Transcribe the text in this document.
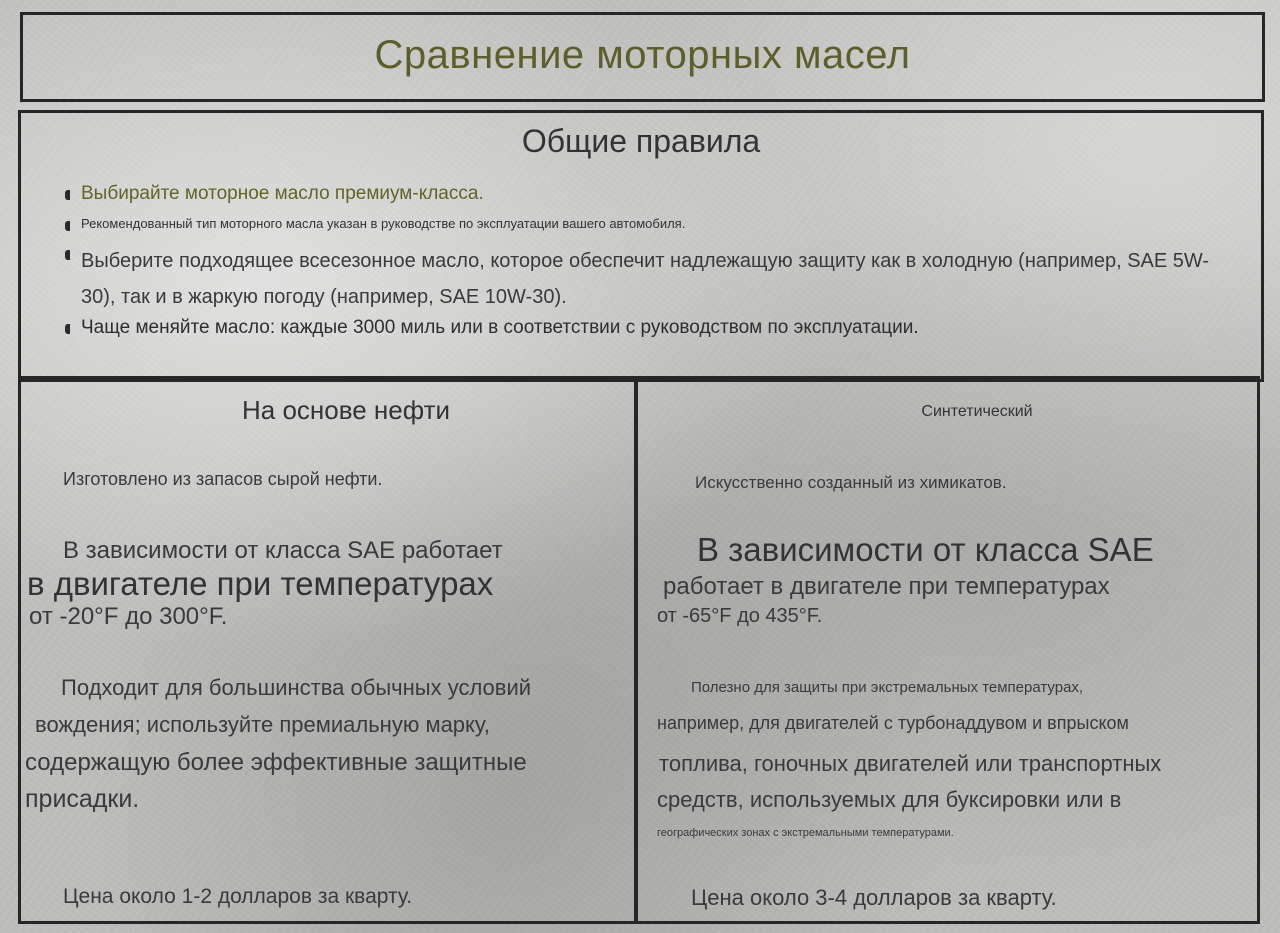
Сравнение моторных масел
Общие правила
Выбирайте моторное масло премиум-класса.
Рекомендованный тип моторного масла указан в руководстве по эксплуатации вашего автомобиля.
Выберите подходящее всесезонное масло, которое обеспечит надлежащую защиту как в холодную (например, SAE 5W-30), так и в жаркую погоду (например, SAE 10W-30).
Чаще меняйте масло: каждые 3000 миль или в соответствии с руководством по эксплуатации.
На основе нефти

Изготовлено из запасов сырой нефти.

В зависимости от класса SAE работает

в двигателе при температурах

от -20°F до 300°F.

Подходит для большинства обычных условий

вождения; используйте премиальную марку,

содержащую более эффективные защитные

присадки.

Цена около 1-2 долларов за кварту.

Синтетический

Искусственно созданный из химикатов.

В зависимости от класса SAE

работает в двигателе при температурах

от -65°F до 435°F.

Полезно для защиты при экстремальных температурах,

например, для двигателей с турбонаддувом и впрыском

топлива, гоночных двигателей или транспортных

средств, используемых для буксировки или в

географических зонах с экстремальными температурами.

Цена около 3-4 долларов за кварту.
